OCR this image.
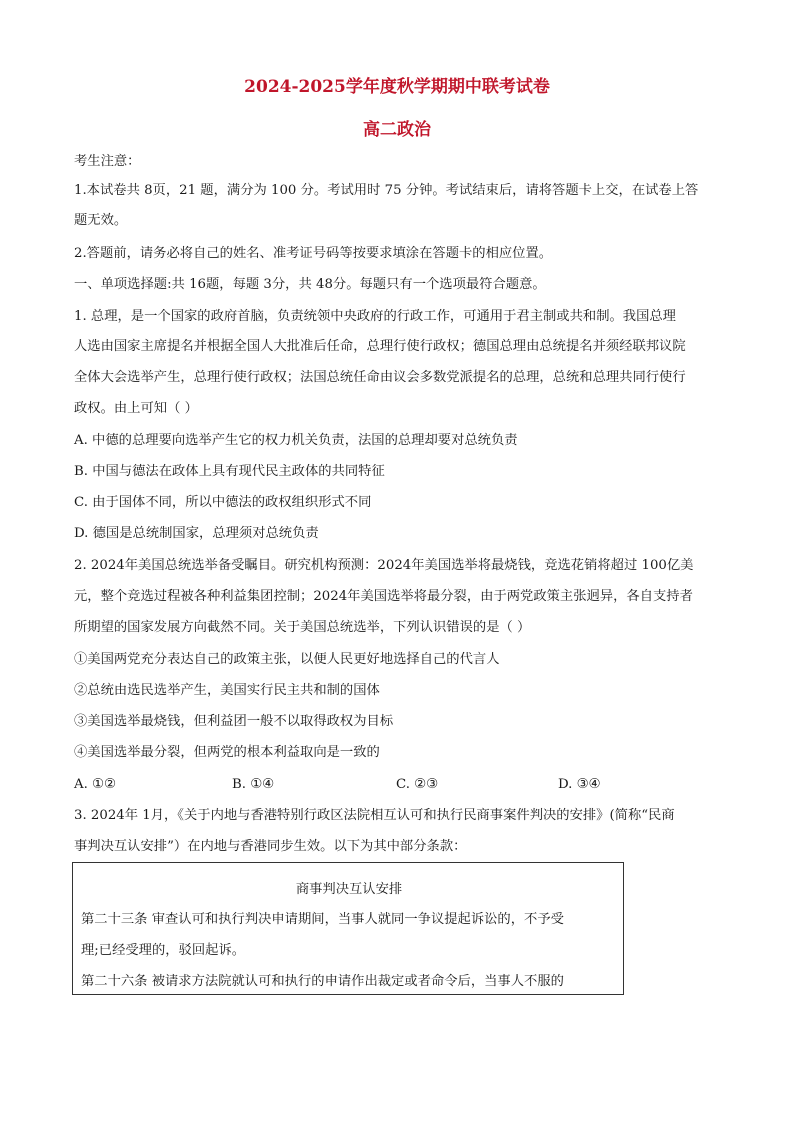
2024-2025学年度秋学期期中联考试卷
高二政治
考生注意：
1.本试卷共 8页，21 题，满分为 100 分。考试用时 75 分钟。考试结束后，请将答题卡上交，在试卷上答
题无效。
2.答题前，请务必将自己的姓名、准考证号码等按要求填涂在答题卡的相应位置。
一、单项选择题:共 16题，每题 3分，共 48分。每题只有一个选项最符合题意。
1. 总理，是一个国家的政府首脑，负责统领中央政府的行政工作，可通用于君主制或共和制。我国总理
人选由国家主席提名并根据全国人大批准后任命，总理行使行政权；德国总理由总统提名并须经联邦议院
全体大会选举产生，总理行使行政权；法国总统任命由议会多数党派提名的总理，总统和总理共同行使行
政权。由上可知（ ）
A. 中德的总理要向选举产生它的权力机关负责，法国的总理却要对总统负责
B. 中国与德法在政体上具有现代民主政体的共同特征
C. 由于国体不同，所以中德法的政权组织形式不同
D. 德国是总统制国家，总理须对总统负责
2. 2024年美国总统选举备受瞩目。研究机构预测：2024年美国选举将最烧钱，竞选花销将超过 100亿美
元，整个竞选过程被各种利益集团控制；2024年美国选举将最分裂，由于两党政策主张迥异，各自支持者
所期望的国家发展方向截然不同。关于美国总统选举，下列认识错误的是（ ）
①美国两党充分表达自己的政策主张，以便人民更好地选择自己的代言人
②总统由选民选举产生，美国实行民主共和制的国体
③美国选举最烧钱，但利益团一般不以取得政权为目标
④美国选举最分裂，但两党的根本利益取向是一致的
A. ①②	B. ①④	C. ②③	D. ③④
3. 2024年 1月，《关于内地与香港特别行政区法院相互认可和执行民商事案件判决的安排》(简称“民商
事判决互认安排”）在内地与香港同步生效。以下为其中部分条款：
商事判决互认安排
第二十三条 审查认可和执行判决申请期间，当事人就同一争议提起诉讼的，不予受
理;已经受理的，驳回起诉。
第二十六条 被请求方法院就认可和执行的申请作出裁定或者命令后，当事人不服的
